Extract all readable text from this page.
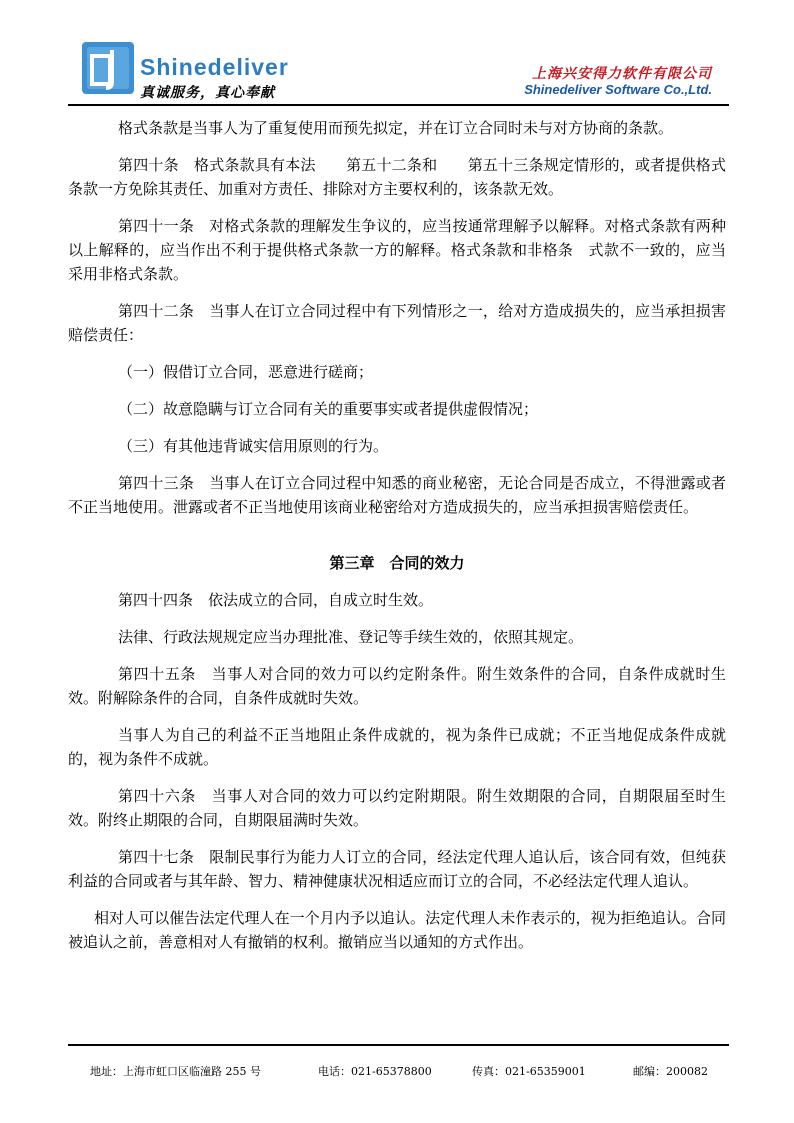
Shinedeliver
真诚服务，真心奉献
上海兴安得力软件有限公司
Shinedeliver Software Co.,Ltd.

格式条款是当事人为了重复使用而预先拟定，并在订立合同时未与对方协商的条款。

第四十条　格式条款具有本法　　第五十二条和　　第五十三条规定情形的，或者提供格式条款一方免除其责任、加重对方责任、排除对方主要权利的，该条款无效。

第四十一条　对格式条款的理解发生争议的，应当按通常理解予以解释。对格式条款有两种以上解释的，应当作出不利于提供格式条款一方的解释。格式条款和非格条　式款不一致的，应当采用非格式条款。

第四十二条　当事人在订立合同过程中有下列情形之一，给对方造成损失的，应当承担损害赔偿责任：

（一）假借订立合同，恶意进行磋商；

（二）故意隐瞒与订立合同有关的重要事实或者提供虚假情况；

（三）有其他违背诚实信用原则的行为。

第四十三条　当事人在订立合同过程中知悉的商业秘密，无论合同是否成立，不得泄露或者不正当地使用。泄露或者不正当地使用该商业秘密给对方造成损失的，应当承担损害赔偿责任。

第三章　合同的效力

第四十四条　依法成立的合同，自成立时生效。

法律、行政法规规定应当办理批准、登记等手续生效的，依照其规定。

第四十五条　当事人对合同的效力可以约定附条件。附生效条件的合同，自条件成就时生效。附解除条件的合同，自条件成就时失效。

当事人为自己的利益不正当地阻止条件成就的，视为条件已成就；不正当地促成条件成就的，视为条件不成就。

第四十六条　当事人对合同的效力可以约定附期限。附生效期限的合同，自期限届至时生效。附终止期限的合同，自期限届满时失效。

第四十七条　限制民事行为能力人订立的合同，经法定代理人追认后，该合同有效，但纯获利益的合同或者与其年龄、智力、精神健康状况相适应而订立的合同，不必经法定代理人追认。

相对人可以催告法定代理人在一个月内予以追认。法定代理人未作表示的，视为拒绝追认。合同被追认之前，善意相对人有撤销的权利。撤销应当以通知的方式作出。

地址：上海市虹口区临潼路 255 号	电话：021-65378800	传真：021-65359001	邮编：200082
